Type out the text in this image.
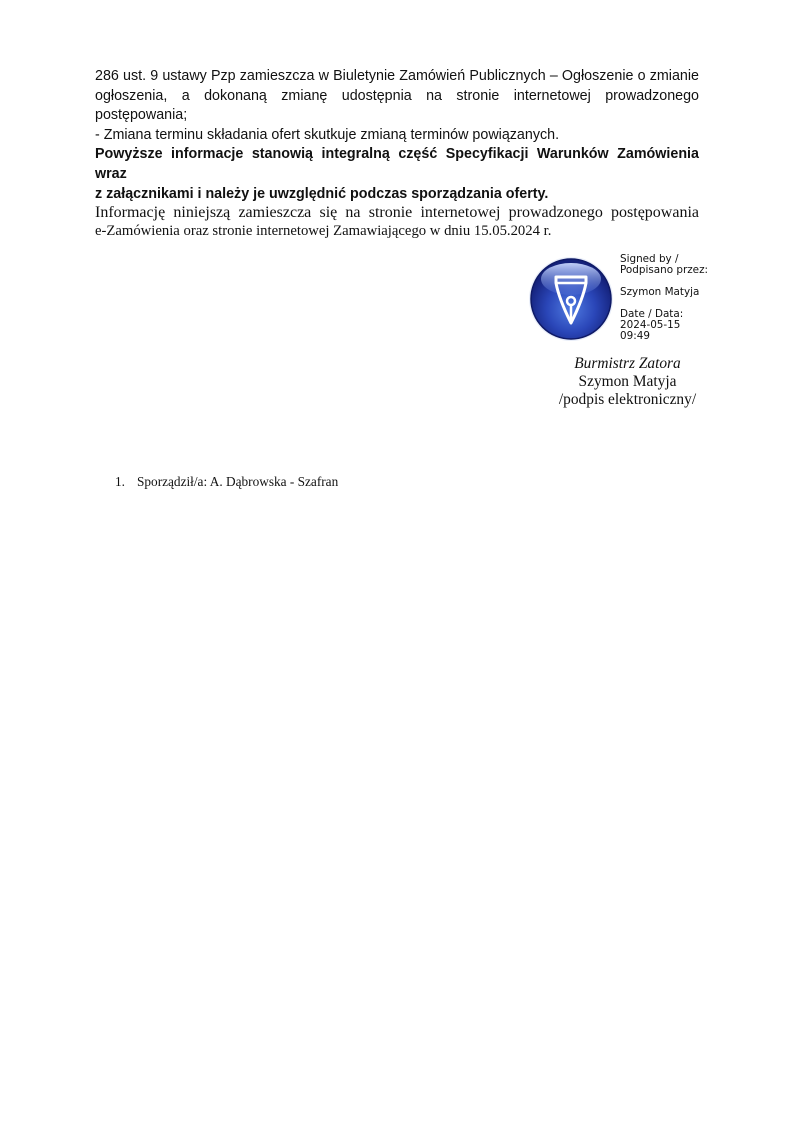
286 ust. 9 ustawy Pzp zamieszcza w Biuletynie Zamówień Publicznych – Ogłoszenie o zmianie
ogłoszenia, a dokonaną zmianę udostępnia na stronie internetowej prowadzonego
postępowania;
- Zmiana terminu składania ofert skutkuje zmianą terminów powiązanych.
Powyższe informacje stanowią integralną część Specyfikacji Warunków Zamówienia wraz
z załącznikami i należy je uwzględnić podczas sporządzania oferty.
Informację niniejszą zamieszcza się na stronie internetowej prowadzonego postępowania
e-Zamówienia oraz stronie internetowej Zamawiającego w dniu 15.05.2024 r.
Signed by /
Podpisano przez:
Szymon Matyja
Date / Data:
2024-05-15
09:49
Burmistrz Zatora
Szymon Matyja
/podpis elektroniczny/
1. Sporządził/a: A. Dąbrowska - Szafran
